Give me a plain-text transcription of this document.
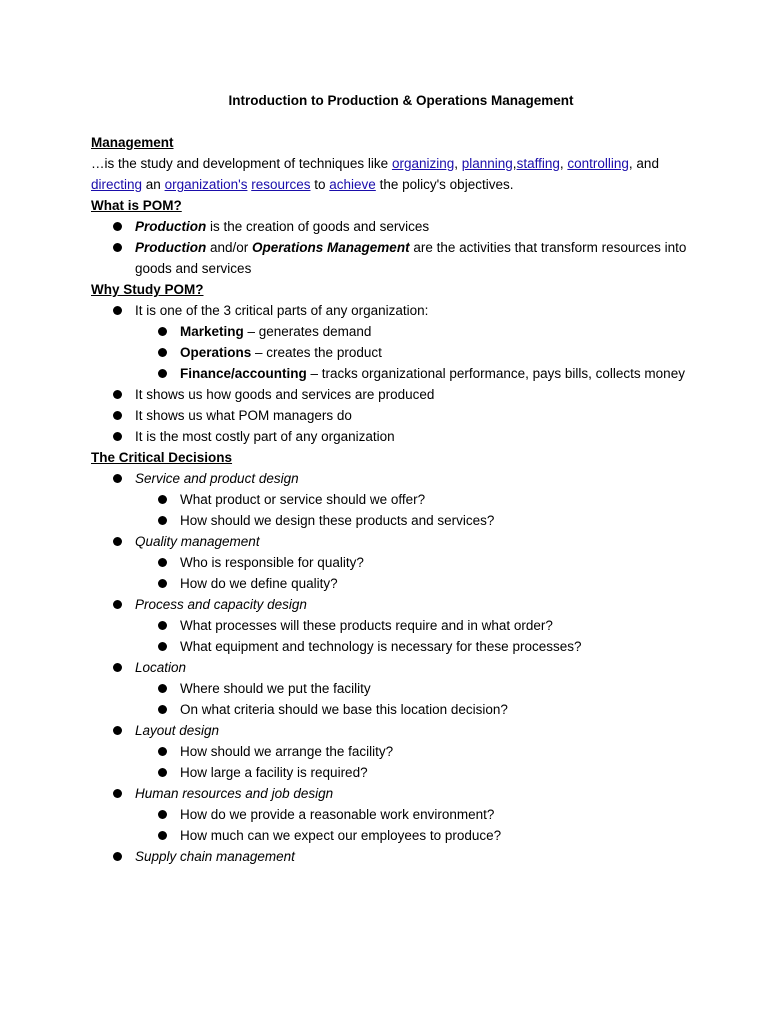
Introduction to Production & Operations Management

Management

…is the study and development of techniques like organizing, planning,staffing, controlling, and directing an organization's resources to achieve the policy's objectives.

What is POM?

Production is the creation of goods and services
Production and/or Operations Management are the activities that transform resources into goods and services

Why Study POM?

It is one of the 3 critical parts of any organization:
Marketing – generates demand
Operations – creates the product
Finance/accounting – tracks organizational performance, pays bills, collects money
It shows us how goods and services are produced
It shows us what POM managers do
It is the most costly part of any organization

The Critical Decisions

Service and product design
What product or service should we offer?
How should we design these products and services?
Quality management
Who is responsible for quality?
How do we define quality?
Process and capacity design
What processes will these products require and in what order?
What equipment and technology is necessary for these processes?
Location
Where should we put the facility
On what criteria should we base this location decision?
Layout design
How should we arrange the facility?
How large a facility is required?
Human resources and job design
How do we provide a reasonable work environment?
How much can we expect our employees to produce?
Supply chain management
